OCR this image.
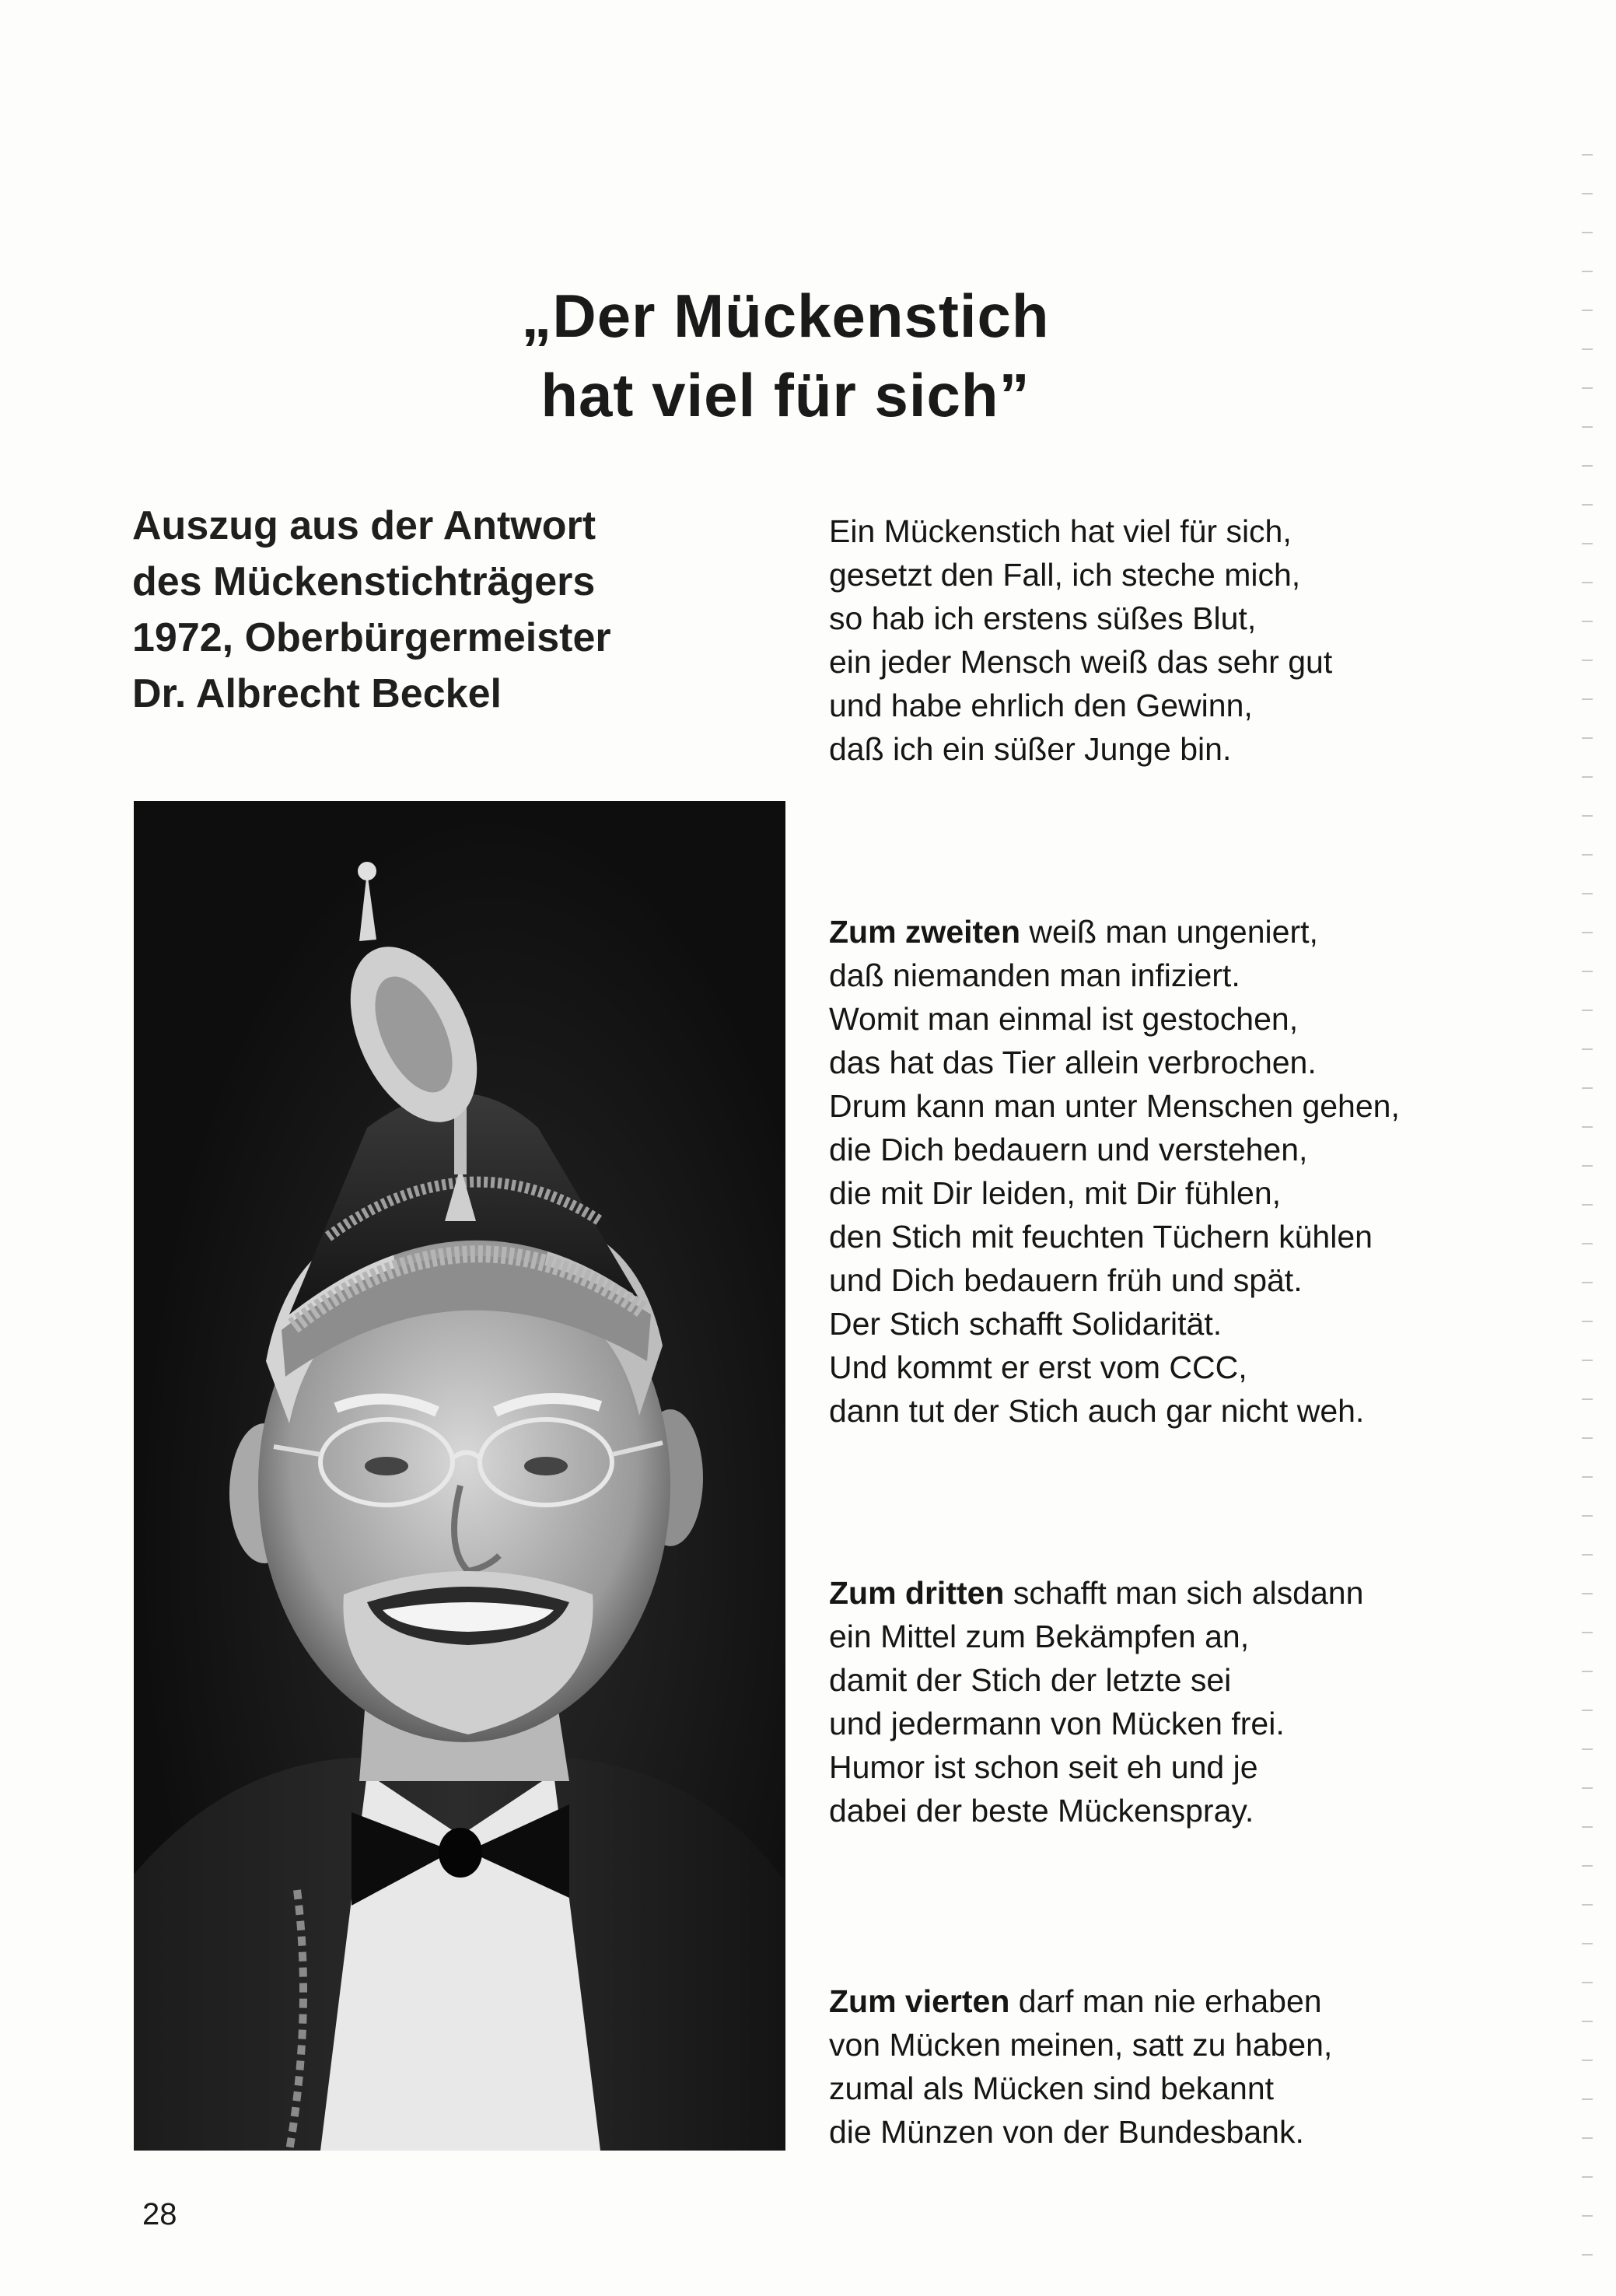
„Der Mückenstich
hat viel für sich”
Auszug aus der Antwort
des Mückenstichträgers
1972, Oberbürgermeister
Dr. Albrecht Beckel
Ein Mückenstich hat viel für sich,
gesetzt den Fall, ich steche mich,
so hab ich erstens süßes Blut,
ein jeder Mensch weiß das sehr gut
und habe ehrlich den Gewinn,
daß ich ein süßer Junge bin.
Zum zweiten weiß man ungeniert,
daß niemanden man infiziert.
Womit man einmal ist gestochen,
das hat das Tier allein verbrochen.
Drum kann man unter Menschen gehen,
die Dich bedauern und verstehen,
die mit Dir leiden, mit Dir fühlen,
den Stich mit feuchten Tüchern kühlen
und Dich bedauern früh und spät.
Der Stich schafft Solidarität.
Und kommt er erst vom CCC,
dann tut der Stich auch gar nicht weh.
Zum dritten schafft man sich alsdann
ein Mittel zum Bekämpfen an,
damit der Stich der letzte sei
und jedermann von Mücken frei.
Humor ist schon seit eh und je
dabei der beste Mückenspray.
Zum vierten darf man nie erhaben
von Mücken meinen, satt zu haben,
zumal als Mücken sind bekannt
die Münzen von der Bundesbank.
28
